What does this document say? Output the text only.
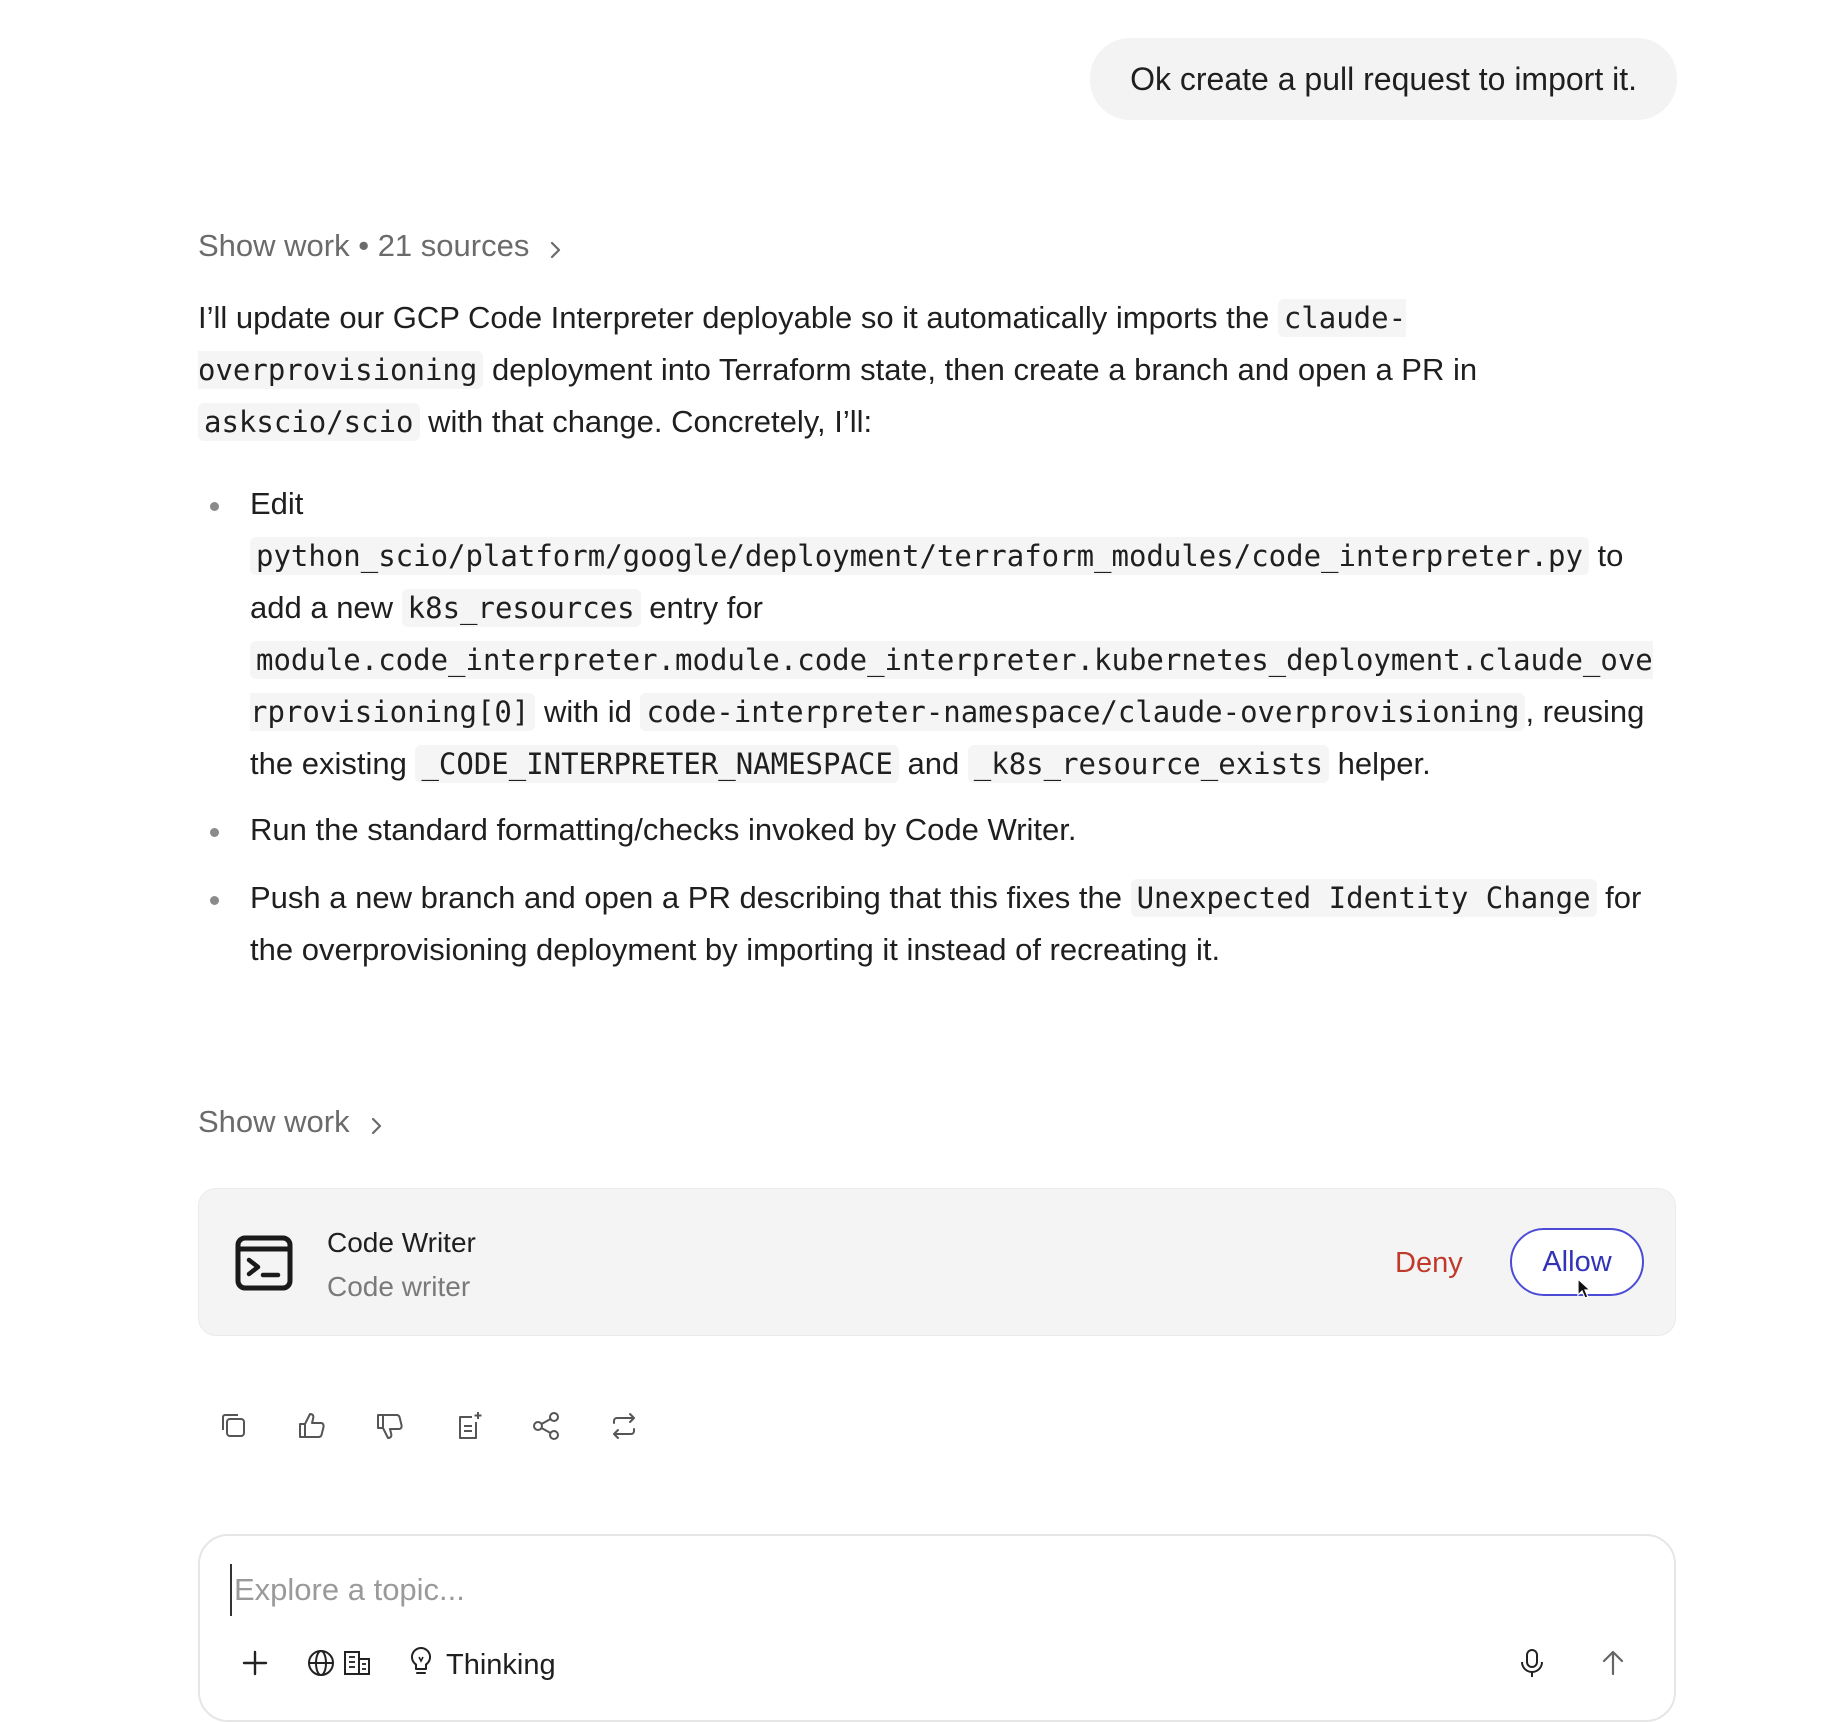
Ok create a pull request to import it.
Show work • 21 sources

I’ll update our GCP Code Interpreter deployable so it automatically imports the claude-overprovisioning deployment into Terraform state, then create a branch and open a PR in askscio/scio with that change. Concretely, I’ll:

Edit
python_scio/platform/google/deployment/terraform_modules/code_interpreter.py to add a new k8s_resources entry for
module.code_interpreter.module.code_interpreter.kubernetes_deployment.claude_overprovisioning[0] with id code-interpreter-namespace/claude-overprovisioning , reusing the existing _CODE_INTERPRETER_NAMESPACE and _k8s_resource_exists helper.
Run the standard formatting/checks invoked by Code Writer.
Push a new branch and open a PR describing that this fixes the Unexpected Identity Change for the overprovisioning deployment by importing it instead of recreating it.
Show work
Code Writer
Code writer
Deny	Allow
Explore a topic...
Thinking
